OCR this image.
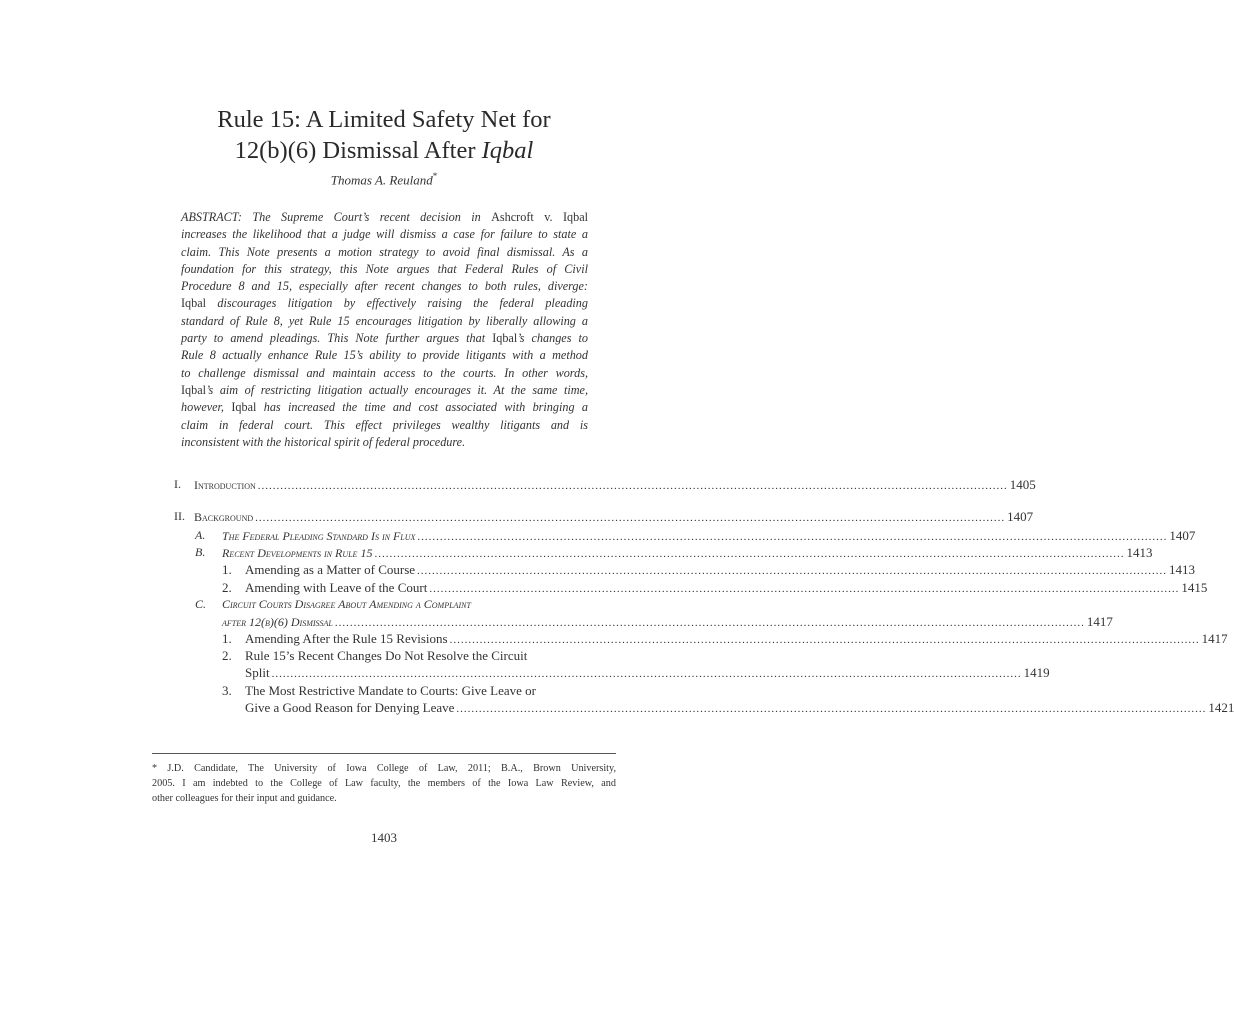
Rule 15: A Limited Safety Net for
12(b)(6) Dismissal After Iqbal
Thomas A. Reuland*
ABSTRACT: The Supreme Court’s recent decision in Ashcroft v. Iqbal
increases the likelihood that a judge will dismiss a case for failure to state a
claim. This Note presents a motion strategy to avoid final dismissal. As a
foundation for this strategy, this Note argues that Federal Rules of Civil
Procedure 8 and 15, especially after recent changes to both rules, diverge:
Iqbal discourages litigation by effectively raising the federal pleading
standard of Rule 8, yet Rule 15 encourages litigation by liberally allowing a
party to amend pleadings. This Note further argues that Iqbal’s changes to
Rule 8 actually enhance Rule 15’s ability to provide litigants with a method
to challenge dismissal and maintain access to the courts. In other words,
Iqbal’s aim of restricting litigation actually encourages it. At the same time,
however, Iqbal has increased the time and cost associated with bringing a
claim in federal court. This effect privileges wealthy litigants and is
inconsistent with the historical spirit of federal procedure.
I. Introduction ........................................................................................................................................................................................................ 1405
II. Background ........................................................................................................................................................................................................ 1407
A. The Federal Pleading Standard Is in Flux ........................................................................................................................................................................................................ 1407
B. Recent Developments in Rule 15 ........................................................................................................................................................................................................ 1413
1. Amending as a Matter of Course ........................................................................................................................................................................................................ 1413
2. Amending with Leave of the Court ........................................................................................................................................................................................................ 1415
C. Circuit Courts Disagree About Amending a Complaint
after 12(b)(6) Dismissal ........................................................................................................................................................................................................ 1417
1. Amending After the Rule 15 Revisions ........................................................................................................................................................................................................ 1417
2. Rule 15’s Recent Changes Do Not Resolve the Circuit
Split ........................................................................................................................................................................................................ 1419
3. The Most Restrictive Mandate to Courts: Give Leave or
Give a Good Reason for Denying Leave ........................................................................................................................................................................................................ 1421
* J.D. Candidate, The University of Iowa College of Law, 2011; B.A., Brown University,
2005. I am indebted to the College of Law faculty, the members of the Iowa Law Review, and
other colleagues for their input and guidance.
1403
